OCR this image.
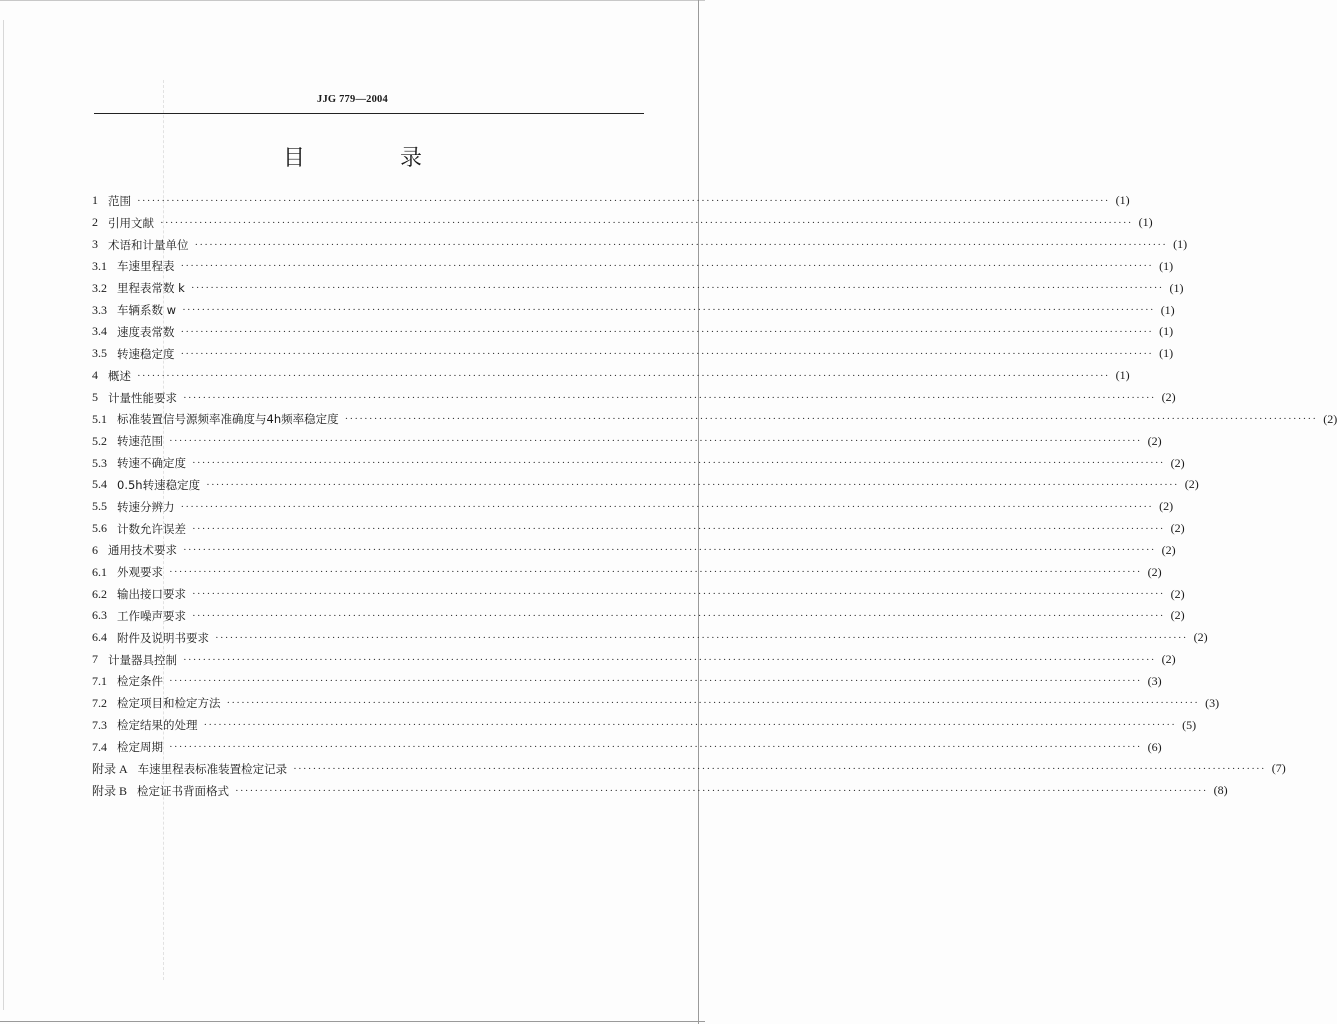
JJG 779—2004
目 录
1 范围 ········································································································································································································ (1)
2 引用文献 ········································································································································································································ (1)
3 术语和计量单位 ········································································································································································································ (1)
3.1 车速里程表 ········································································································································································································ (1)
3.2 里程表常数 k ········································································································································································································ (1)
3.3 车辆系数 w ········································································································································································································ (1)
3.4 速度表常数 ········································································································································································································ (1)
3.5 转速稳定度 ········································································································································································································ (1)
4 概述 ········································································································································································································ (1)
5 计量性能要求 ········································································································································································································ (2)
5.1 标准装置信号源频率准确度与4h频率稳定度 ········································································································································································································ (2)
5.2 转速范围 ········································································································································································································ (2)
5.3 转速不确定度 ········································································································································································································ (2)
5.4 0.5h转速稳定度 ········································································································································································································ (2)
5.5 转速分辨力 ········································································································································································································ (2)
5.6 计数允许误差 ········································································································································································································ (2)
6 通用技术要求 ········································································································································································································ (2)
6.1 外观要求 ········································································································································································································ (2)
6.2 输出接口要求 ········································································································································································································ (2)
6.3 工作噪声要求 ········································································································································································································ (2)
6.4 附件及说明书要求 ········································································································································································································ (2)
7 计量器具控制 ········································································································································································································ (2)
7.1 检定条件 ········································································································································································································ (3)
7.2 检定项目和检定方法 ········································································································································································································ (3)
7.3 检定结果的处理 ········································································································································································································ (5)
7.4 检定周期 ········································································································································································································ (6)
附录 A 车速里程表标准装置检定记录 ········································································································································································································ (7)
附录 B 检定证书背面格式 ········································································································································································································ (8)
